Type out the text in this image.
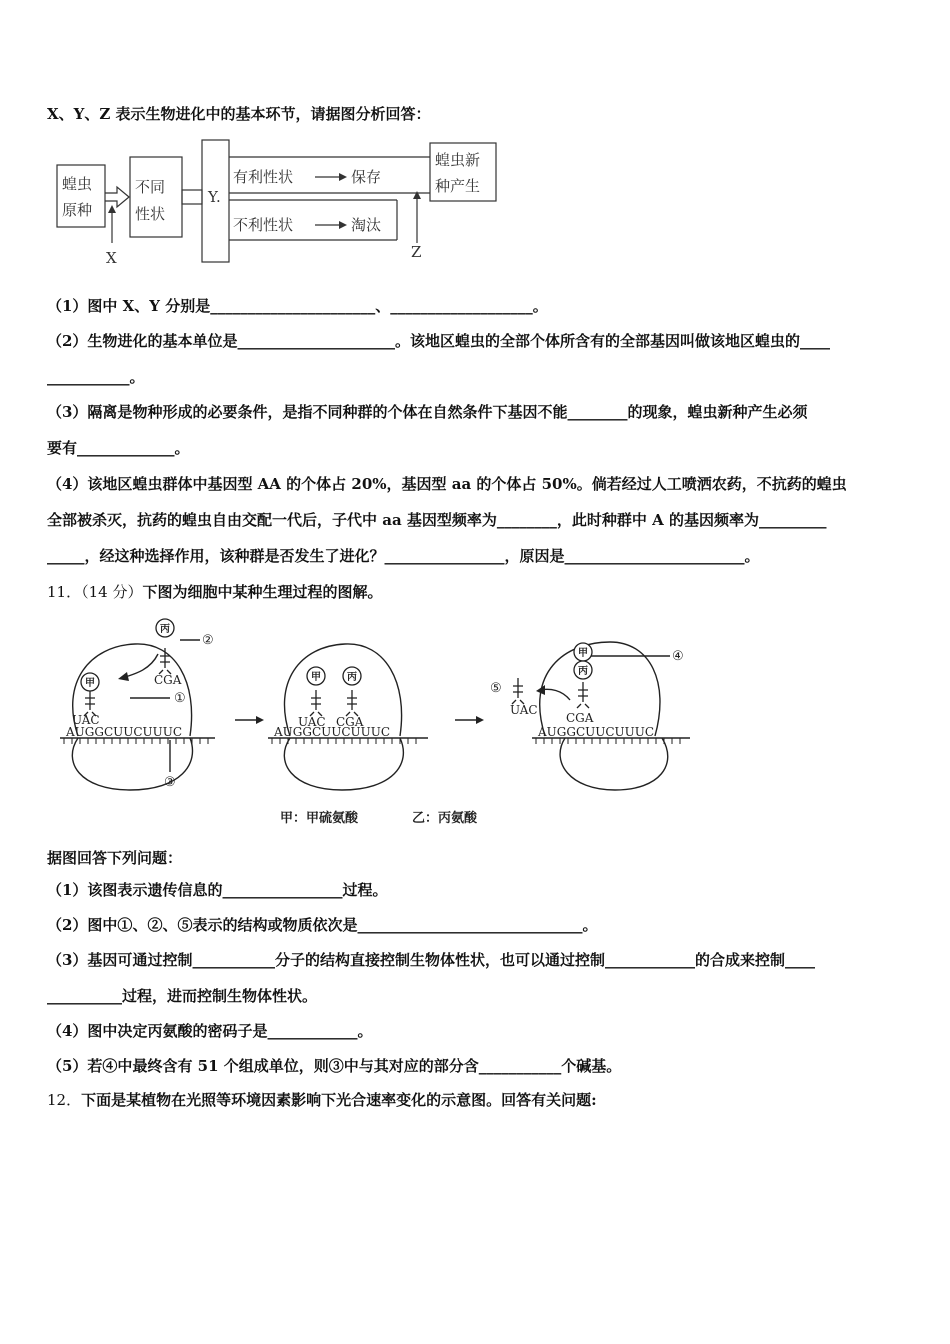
X、Y、Z 表示生物进化中的基本环节，请据图分析回答：
蝗虫
原种
不同
性状
Y.
有利性状	保存
不利性状	淘汰
蝗虫新
种产生
X	Z
（1）图中 X、Y 分别是______________________、___________________。
（2）生物进化的基本单位是_____________________。该地区蝗虫的全部个体所含有的全部基因叫做该地区蝗虫的____
___________。
（3）隔离是物种形成的必要条件，是指不同种群的个体在自然条件下基因不能________的现象，蝗虫新种产生必须
要有_____________。
（4）该地区蝗虫群体中基因型 AA 的个体占 20%，基因型 aa 的个体占 50%。倘若经过人工喷洒农药，不抗药的蝗虫
全部被杀灭，抗药的蝗虫自由交配一代后，子代中 aa 基因型频率为________，此时种群中 A 的基因频率为_________
_____，经这种选择作用，该种群是否发生了进化？________________，原因是________________________。
11．（14 分）下图为细胞中某种生理过程的图解。
丙
甲
甲	丙
甲
丙
CGA
UAC
AUGGCUUCUUUC
UAC CGA
AUGGCUUCUUUC
UAC
CGA
AUGGCUUCUUUC
①
②
③
④
⑤
甲：甲硫氨酸	乙：丙氨酸
据图回答下列问题：
（1）该图表示遗传信息的________________过程。
（2）图中①、②、⑤表示的结构或物质依次是______________________________。
（3）基因可通过控制___________分子的结构直接控制生物体性状，也可以通过控制____________的合成来控制____
__________过程，进而控制生物体性状。
（4）图中决定丙氨酸的密码子是____________。
（5）若④中最终含有 51 个组成单位，则③中与其对应的部分含___________个碱基。
12．下面是某植物在光照等环境因素影响下光合速率变化的示意图。回答有关问题:
